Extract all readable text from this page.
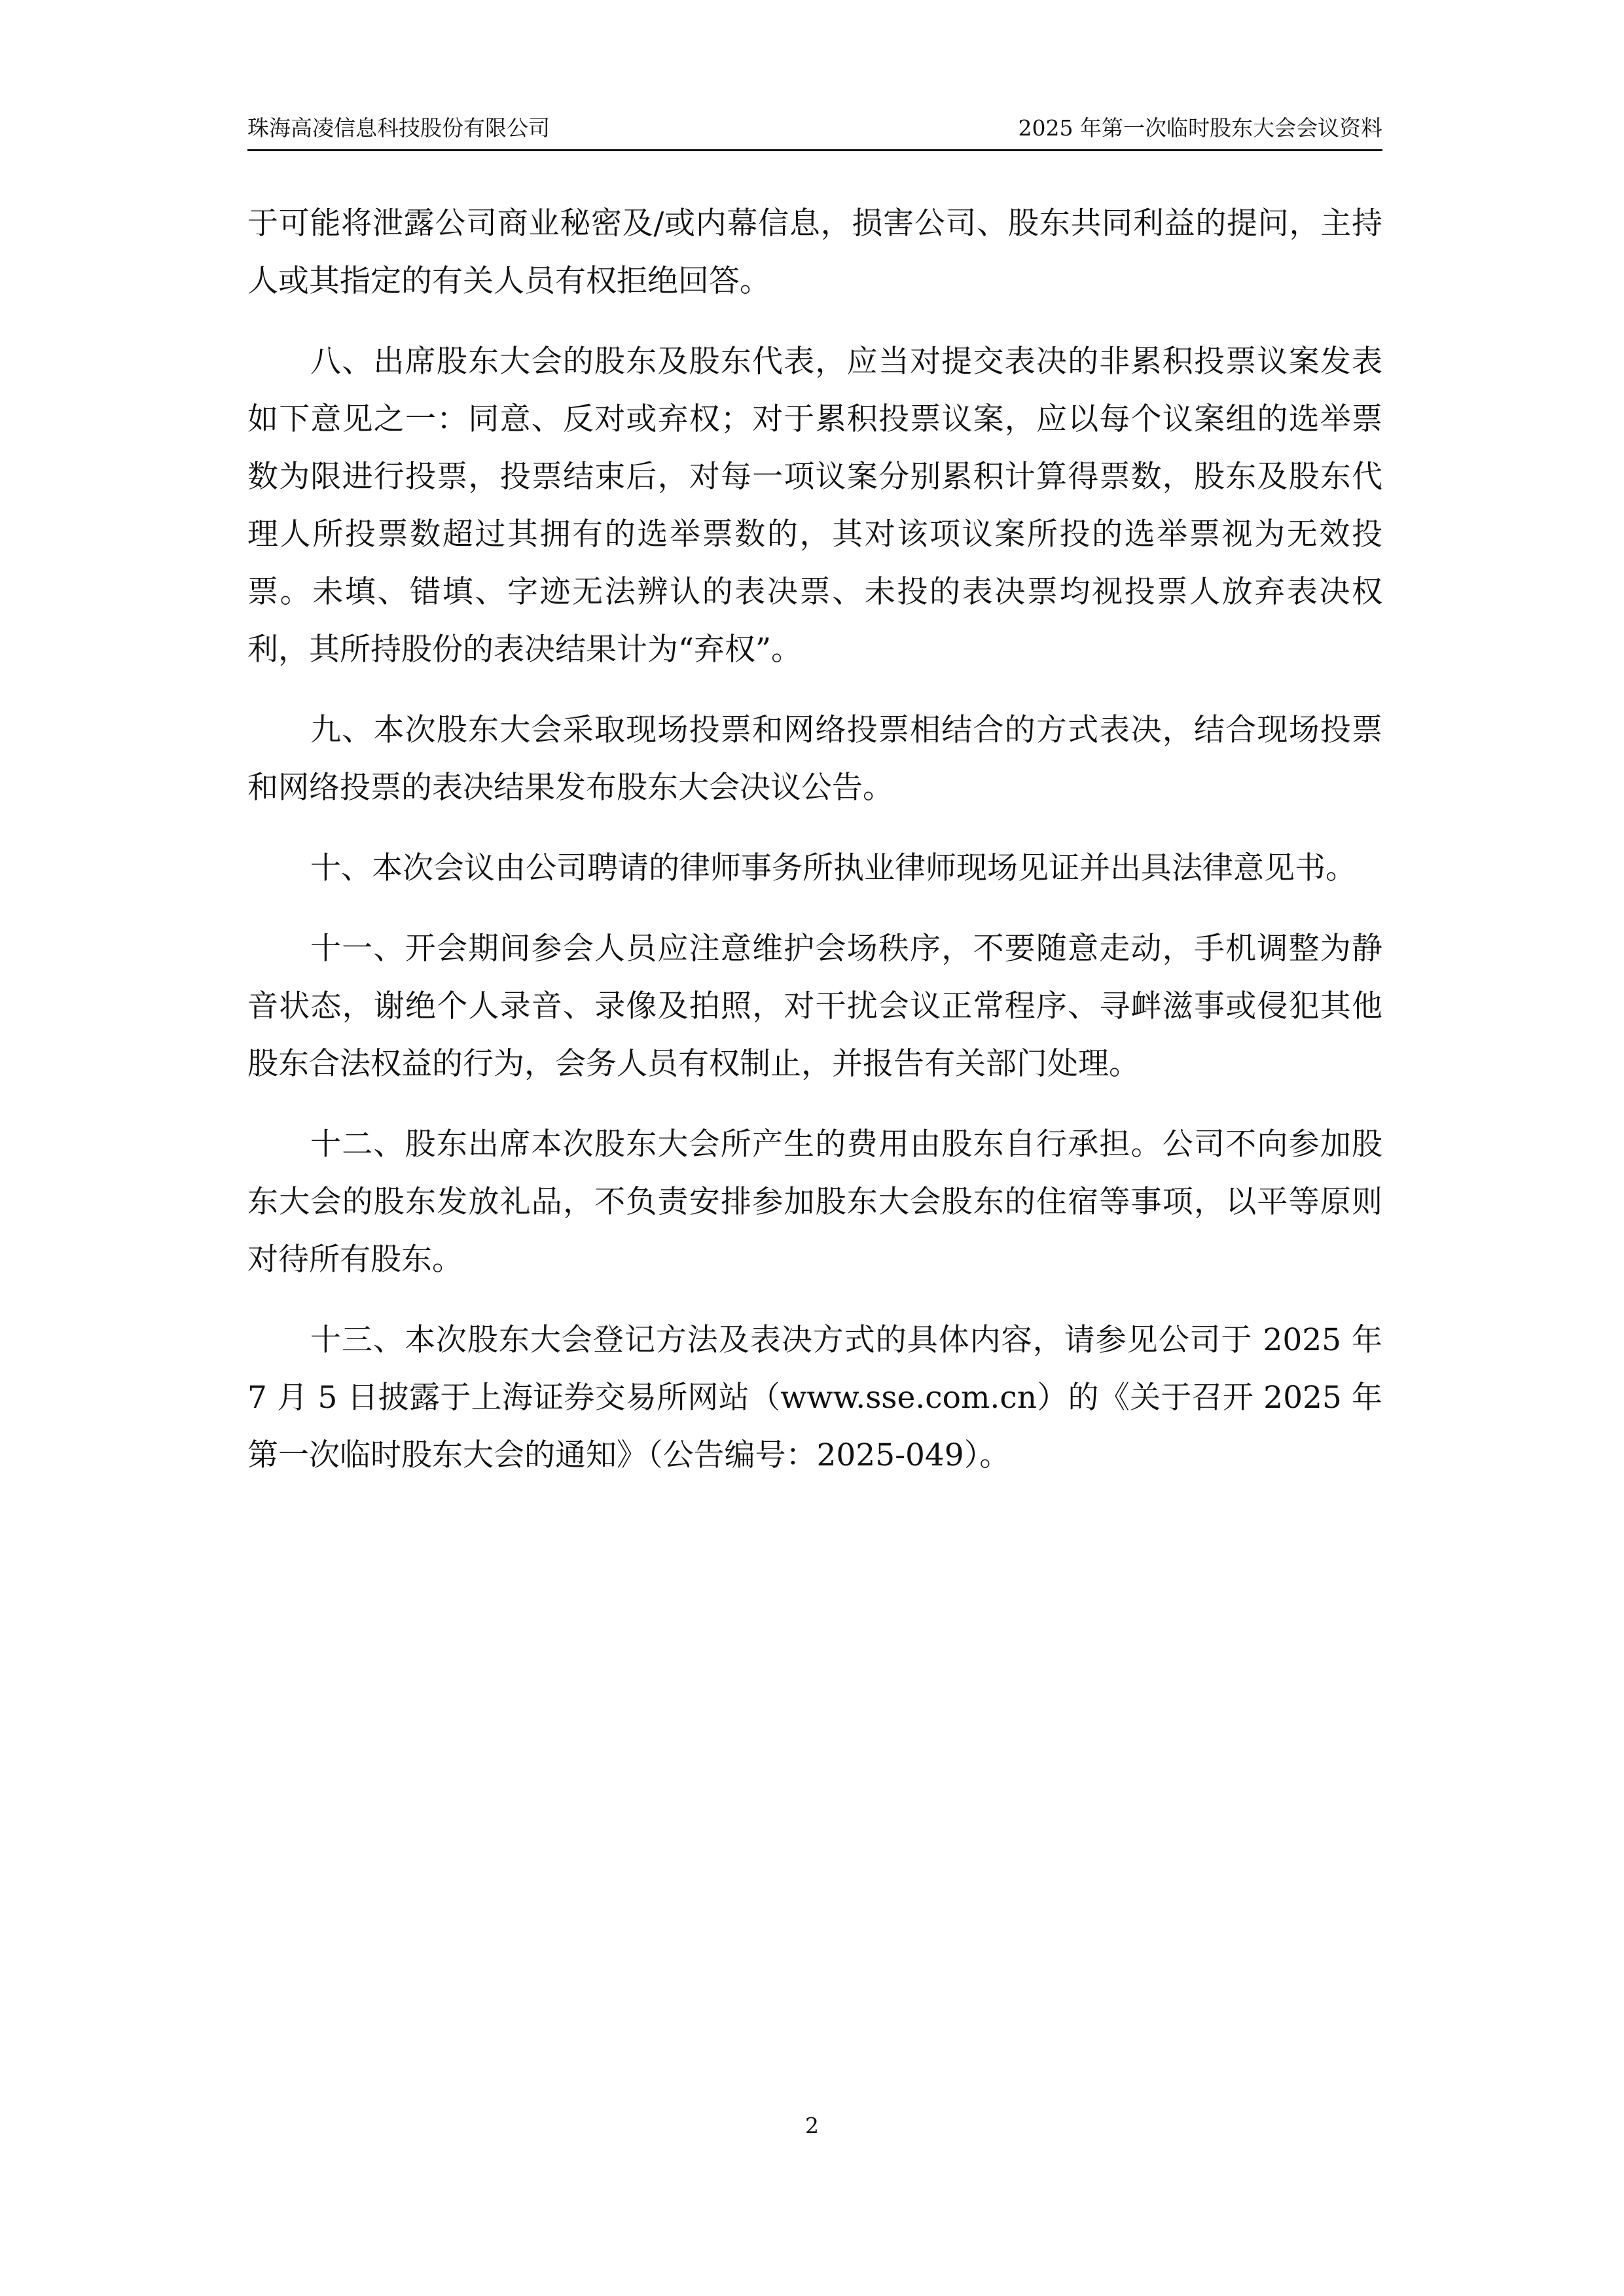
珠海高凌信息科技股份有限公司	2025 年第一次临时股东大会会议资料

于可能将泄露公司商业秘密及/或内幕信息，损害公司、股东共同利益的提问，主持人或其指定的有关人员有权拒绝回答。

八、出席股东大会的股东及股东代表，应当对提交表决的非累积投票议案发表如下意见之一：同意、反对或弃权；对于累积投票议案，应以每个议案组的选举票数为限进行投票，投票结束后，对每一项议案分别累积计算得票数，股东及股东代理人所投票数超过其拥有的选举票数的，其对该项议案所投的选举票视为无效投票。未填、错填、字迹无法辨认的表决票、未投的表决票均视投票人放弃表决权利，其所持股份的表决结果计为“弃权”。

九、本次股东大会采取现场投票和网络投票相结合的方式表决，结合现场投票和网络投票的表决结果发布股东大会决议公告。

十、本次会议由公司聘请的律师事务所执业律师现场见证并出具法律意见书。

十一、开会期间参会人员应注意维护会场秩序，不要随意走动，手机调整为静音状态，谢绝个人录音、录像及拍照，对干扰会议正常程序、寻衅滋事或侵犯其他股东合法权益的行为，会务人员有权制止，并报告有关部门处理。

十二、股东出席本次股东大会所产生的费用由股东自行承担。公司不向参加股东大会的股东发放礼品，不负责安排参加股东大会股东的住宿等事项，以平等原则对待所有股东。

十三、本次股东大会登记方法及表决方式的具体内容，请参见公司于 2025 年 7 月 5 日披露于上海证券交易所网站（www.sse.com.cn）的《关于召开 2025 年第一次临时股东大会的通知》（公告编号：2025-049）。

2
